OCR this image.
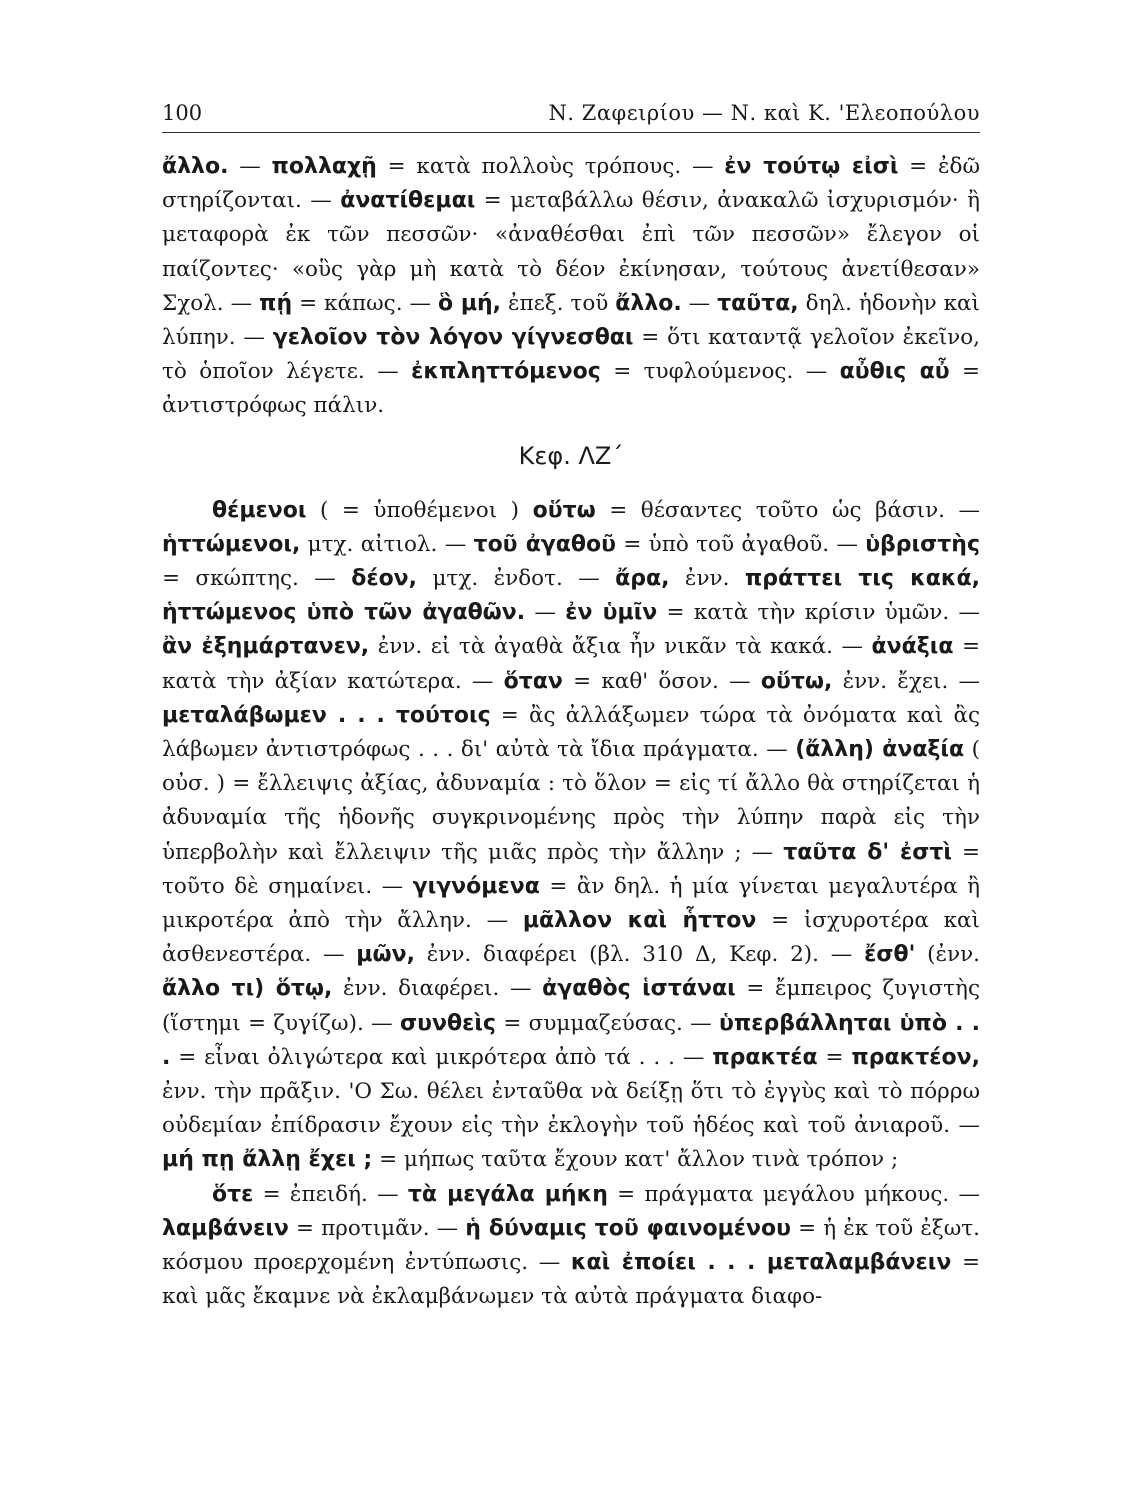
100	Ν. Ζαφειρίου — Ν. καὶ Κ. 'Ελεοπούλου

ἄλλο. — πολλαχῇ = κατὰ πολλοὺς τρόπους. — ἐν τούτῳ εἰσὶ = ἐδῶ στηρίζονται. — ἀνατίθεμαι = μεταβάλλω θέσιν, ἀνακαλῶ ἰσχυρισμόν· ἢ μεταφορὰ ἐκ τῶν πεσσῶν· «ἀναθέσθαι ἐπὶ τῶν πεσσῶν» ἔλεγον οἱ παίζοντες· «οὓς γὰρ μὴ κατὰ τὸ δέον ἐκίνησαν, τούτους ἀνετίθεσαν» Σχολ. — πῄ = κάπως. — ὃ μή, ἐπεξ. τοῦ ἄλλο. — ταῦτα, δηλ. ἡδονὴν καὶ λύπην. — γελοῖον τὸν λόγον γίγνεσθαι = ὅτι καταντᾷ γελοῖον ἐκεῖνο, τὸ ὁποῖον λέγετε. — ἐκπληττόμενος = τυφλούμενος. — αὖθις αὖ = ἀντιστρόφως πάλιν.

Κεφ. ΛΖ΄

θέμενοι ( = ὑποθέμενοι ) οὕτω = θέσαντες τοῦτο ὡς βάσιν. — ἡττώμενοι, μτχ. αἰτιολ. — τοῦ ἀγαθοῦ = ὑπὸ τοῦ ἀγαθοῦ. — ὑβριστὴς = σκώπτης. — δέον, μτχ. ἐνδοτ. — ἄρα, ἐνν. πράττει τις κακά, ἡττώμενος ὑπὸ τῶν ἀγαθῶν. — ἐν ὑμῖν = κατὰ τὴν κρίσιν ὑμῶν. — ἂν ἐξημάρτανεν, ἐνν. εἰ τὰ ἀγαθὰ ἄξια ἦν νικᾶν τὰ κακά. — ἀνάξια = κατὰ τὴν ἀξίαν κατώτερα. — ὅταν = καθ' ὅσον. — οὕτω, ἐνν. ἔχει. — μεταλάβωμεν . . . τούτοις = ἂς ἀλλάξωμεν τώρα τὰ ὀνόματα καὶ ἂς λάβωμεν ἀντιστρόφως . . . δι' αὐτὰ τὰ ἴδια πράγματα. — (ἄλλη) ἀναξία ( οὐσ. ) = ἔλλειψις ἀξίας, ἀδυναμία : τὸ ὅλον = εἰς τί ἄλλο θὰ στηρίζεται ἡ ἀδυναμία τῆς ἡδονῆς συγκρινομένης πρὸς τὴν λύπην παρὰ εἰς τὴν ὑπερβολὴν καὶ ἔλλειψιν τῆς μιᾶς πρὸς τὴν ἄλλην ; — ταῦτα δ' ἐστὶ = τοῦτο δὲ σημαίνει. — γιγνόμενα = ἂν δηλ. ἡ μία γίνεται μεγαλυτέρα ἢ μικροτέρα ἀπὸ τὴν ἄλλην. — μᾶλλον καὶ ἧττον = ἰσχυροτέρα καὶ ἀσθενεστέρα. — μῶν, ἐνν. διαφέρει (βλ. 310 Δ, Κεφ. 2). — ἔσθ' (ἐνν. ἄλλο τι) ὅτῳ, ἐνν. διαφέρει. — ἀγαθὸς ἱστάναι = ἔμπειρος ζυγιστὴς (ἵστημι = ζυγίζω). — συνθεὶς = συμμαζεύσας. — ὑπερβάλληται ὑπὸ . . . = εἶναι ὀλιγώτερα καὶ μικρότερα ἀπὸ τά . . . — πρακτέα = πρακτέον, ἐνν. τὴν πρᾶξιν. 'Ο Σω. θέλει ἐνταῦθα νὰ δείξῃ ὅτι τὸ ἐγγὺς καὶ τὸ πόρρω οὐδεμίαν ἐπίδρασιν ἔχουν εἰς τὴν ἐκλογὴν τοῦ ἡδέος καὶ τοῦ ἀνιαροῦ. — μή πῃ ἄλλῃ ἔχει ; = μήπως ταῦτα ἔχουν κατ' ἄλλον τινὰ τρόπον ;

ὅτε = ἐπειδή. — τὰ μεγάλα μήκη = πράγματα μεγάλου μήκους. — λαμβάνειν = προτιμᾶν. — ἡ δύναμις τοῦ φαινομένου = ἡ ἐκ τοῦ ἐξωτ. κόσμου προερχομένη ἐντύπωσις. — καὶ ἐποίει . . . μεταλαμβάνειν = καὶ μᾶς ἔκαμνε νὰ ἐκλαμβάνωμεν τὰ αὐτὰ πράγματα διαφο-
